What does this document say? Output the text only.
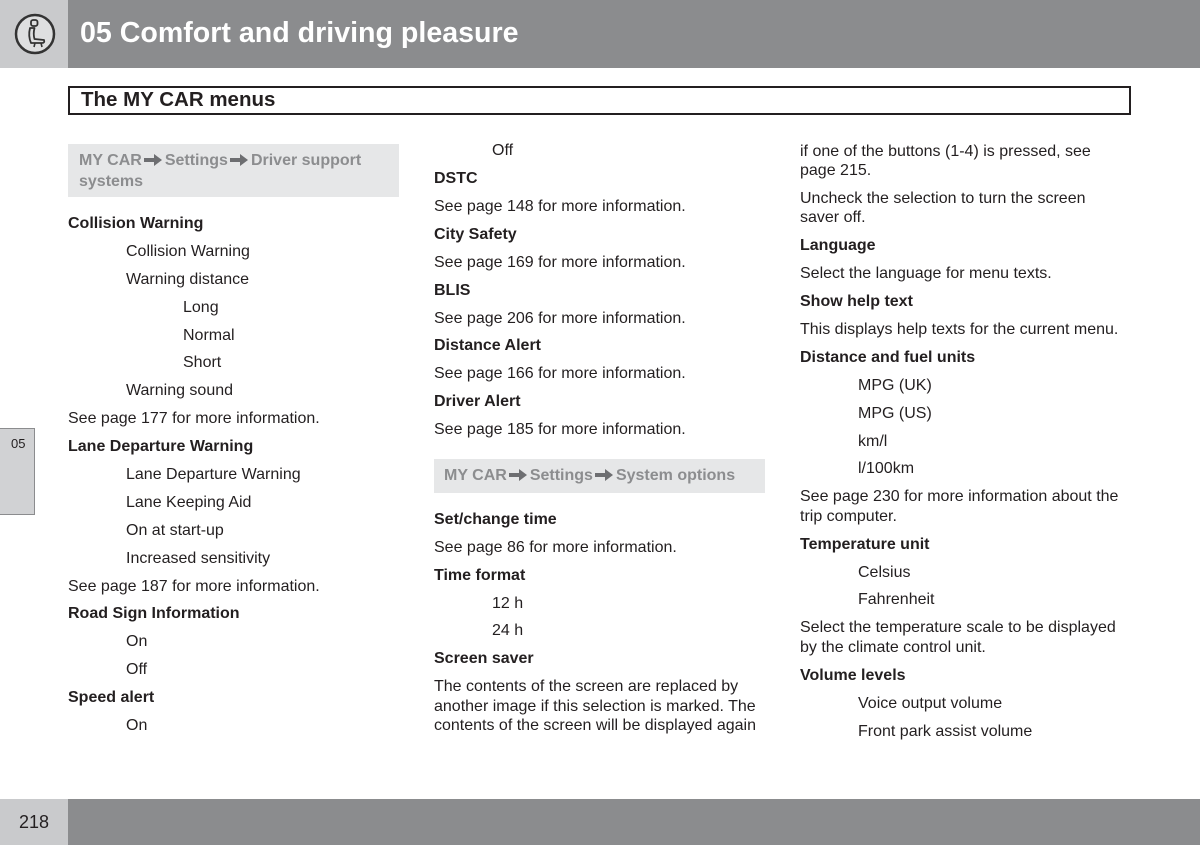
05 Comfort and driving pleasure
The MY CAR menus
05
MY CAR Settings Driver support systems
Collision Warning
Collision Warning
Warning distance
Long
Normal
Short
Warning sound
See page 177 for more information.
Lane Departure Warning
Lane Departure Warning
Lane Keeping Aid
On at start-up
Increased sensitivity
See page 187 for more information.
Road Sign Information
On
Off
Speed alert
On
Off
DSTC
See page 148 for more information.
City Safety
See page 169 for more information.
BLIS
See page 206 for more information.
Distance Alert
See page 166 for more information.
Driver Alert
See page 185 for more information.
MY CAR Settings System options
Set/change time
See page 86 for more information.
Time format
12 h
24 h
Screen saver
The contents of the screen are replaced by
another image if this selection is marked. The
contents of the screen will be displayed again
if one of the buttons (1-4) is pressed, see
page 215.
Uncheck the selection to turn the screen
saver off.
Language
Select the language for menu texts.
Show help text
This displays help texts for the current menu.
Distance and fuel units
MPG (UK)
MPG (US)
km/l
l/100km
See page 230 for more information about the
trip computer.
Temperature unit
Celsius
Fahrenheit
Select the temperature scale to be displayed
by the climate control unit.
Volume levels
Voice output volume
Front park assist volume
218
